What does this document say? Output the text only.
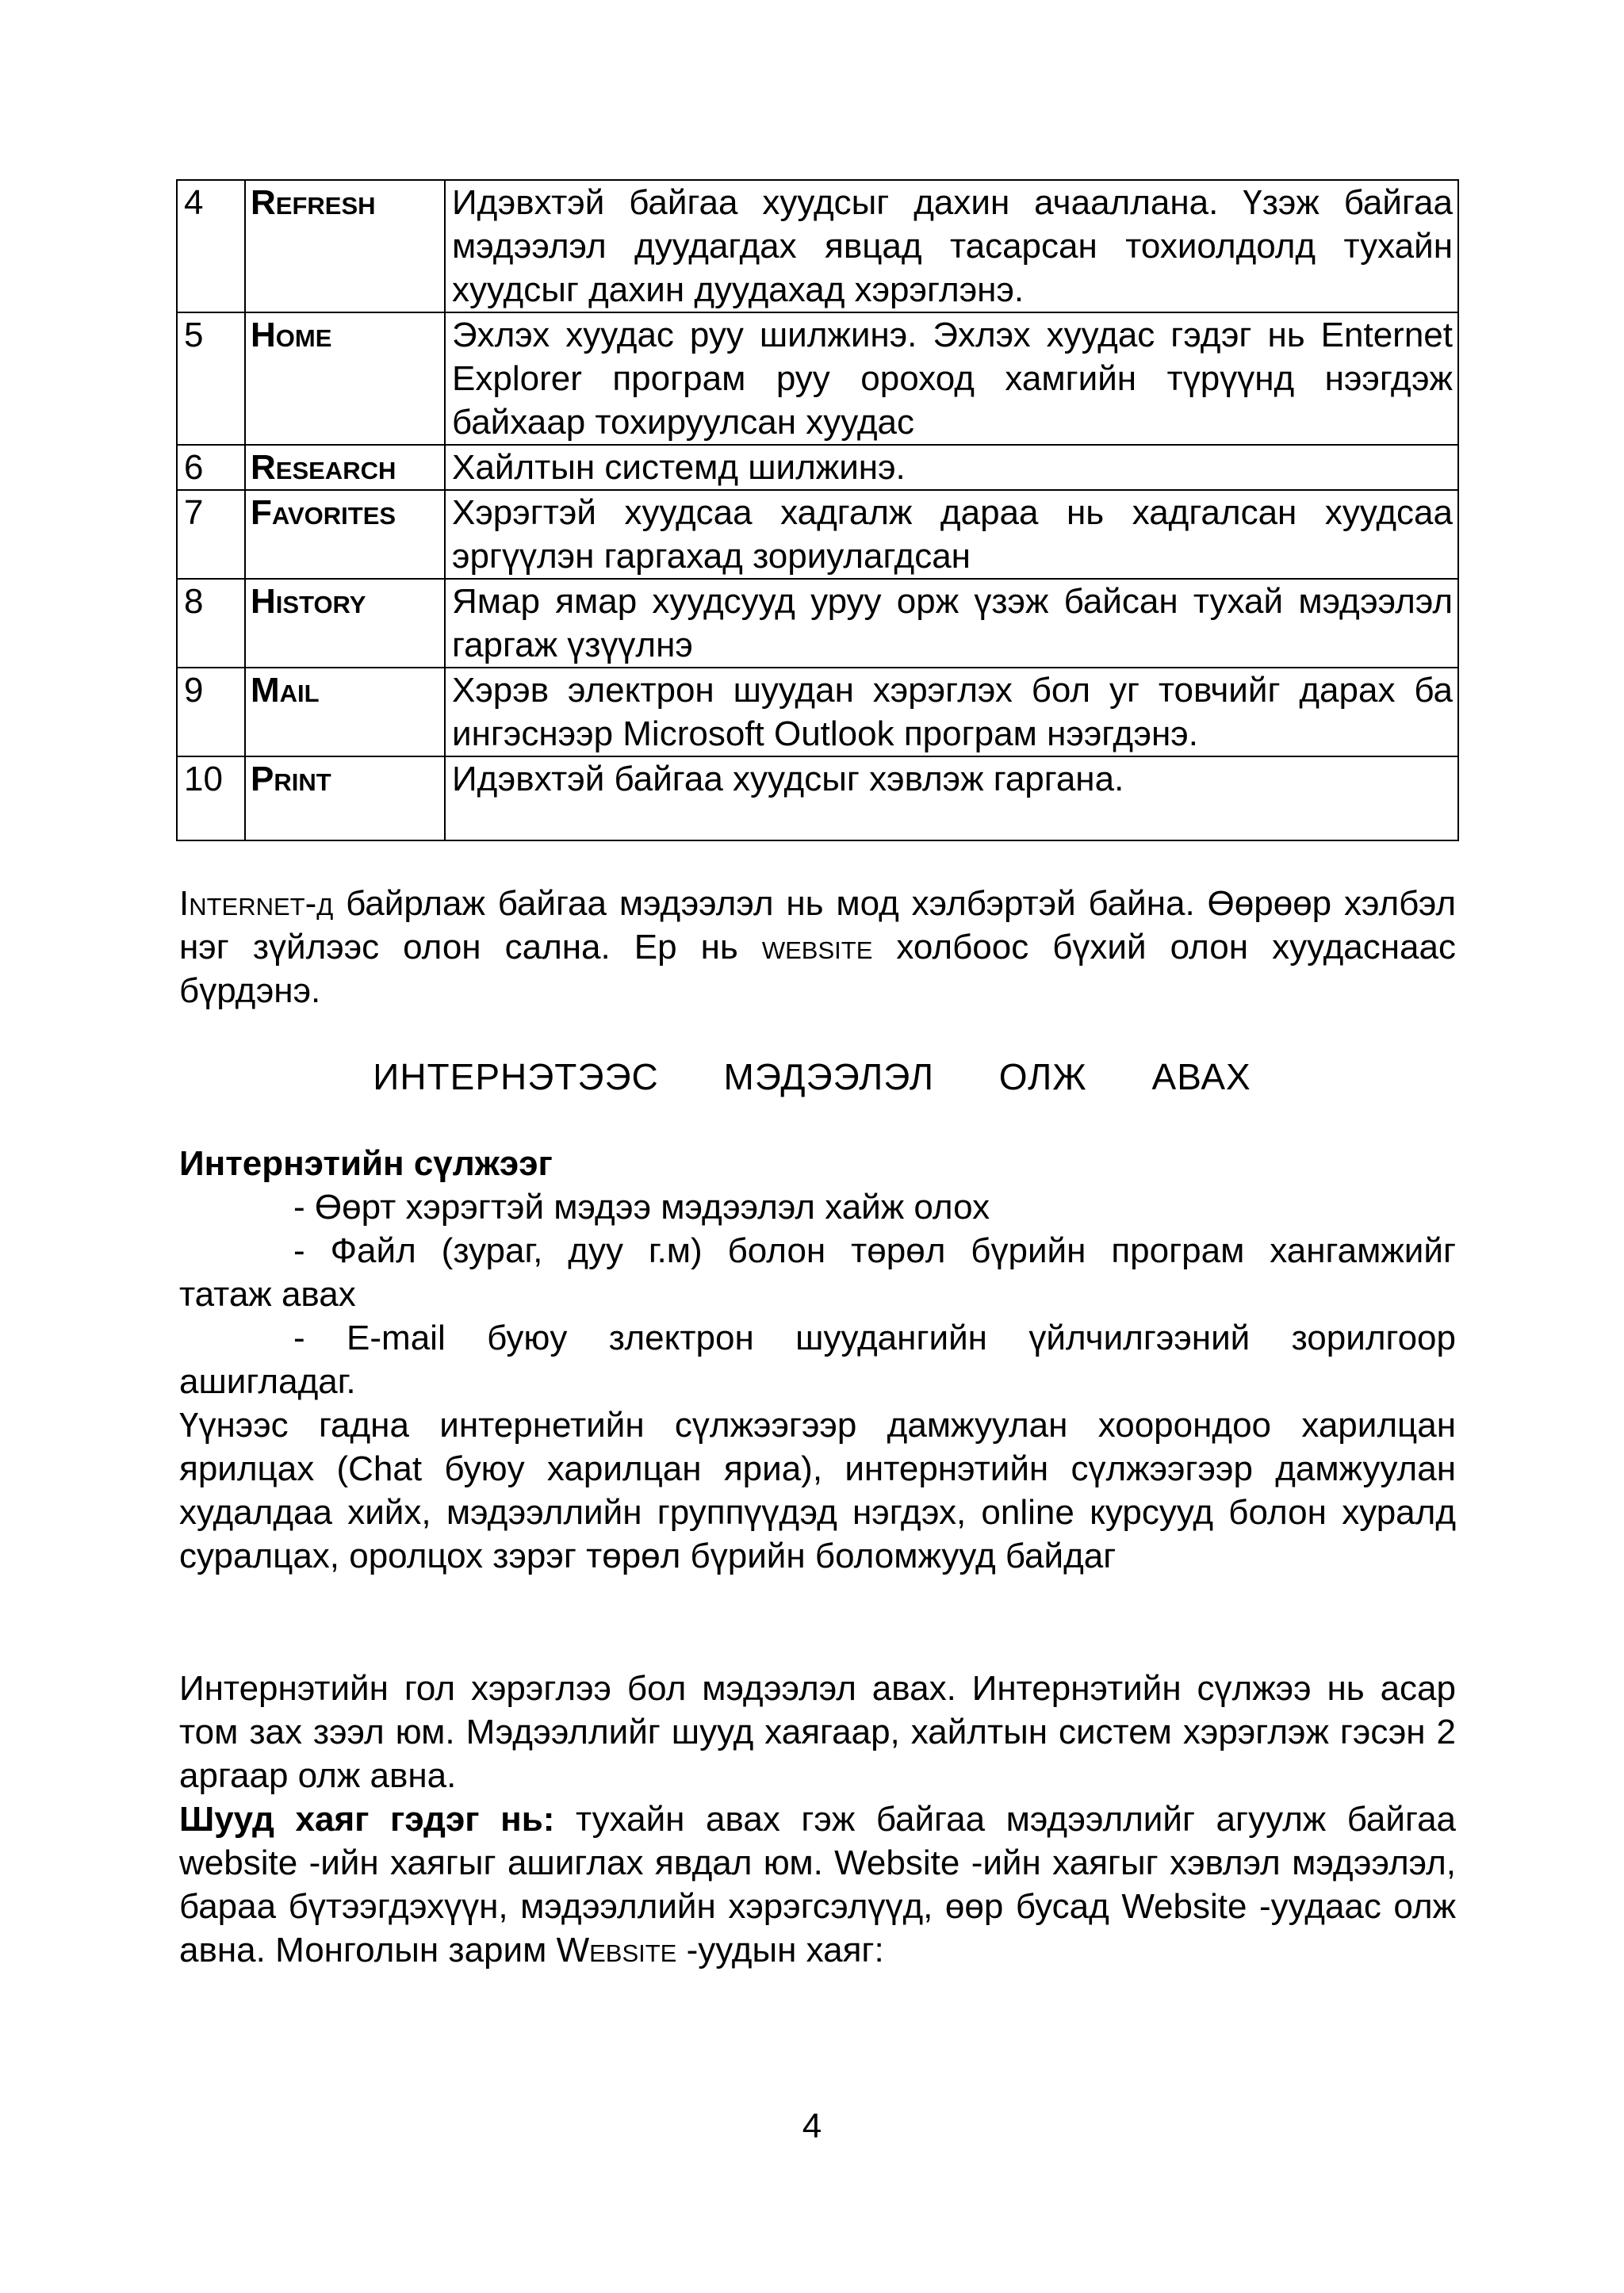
4	Refresh	Идэвхтэй байгаа хуудсыг дахин ачааллана. Үзэж байгаа мэдээлэл дуудагдах явцад тасарсан тохиолдолд тухайн хуудсыг дахин дуудахад хэрэглэнэ.
5	Home	Эхлэх хуудас руу шилжинэ. Эхлэх хуудас гэдэг нь Enternet Explorer програм руу ороход хамгийн түрүүнд нээгдэж байхаар тохируулсан хуудас
6	Research	Хайлтын системд шилжинэ.
7	Favorites	Хэрэгтэй хуудсаа хадгалж дараа нь хадгалсан хуудсаа эргүүлэн гаргахад зориулагдсан
8	History	Ямар ямар хуудсууд уруу орж үзэж байсан тухай мэдээлэл гаргаж үзүүлнэ
9	Mail	Хэрэв электрон шуудан хэрэглэх бол уг товчийг дарах ба ингэснээр Microsoft Outlook програм нээгдэнэ.
10	Print	Идэвхтэй байгаа хуудсыг хэвлэж гаргана.

Internet-д байрлаж байгаа мэдээлэл нь мод хэлбэртэй байна. Өөрөөр хэлбэл нэг зүйлээс олон сална. Ер нь website холбоос бүхий олон хуудаснаас бүрдэнэ.

ИНТЕРНЭТЭЭС МЭДЭЭЛЭЛ ОЛЖ АВАХ

Интернэтийн сүлжээг
- Өөрт хэрэгтэй мэдээ мэдээлэл хайж олох
- Файл (зураг, дуу г.м) болон төрөл бүрийн програм хангамжийг
татаж авах
- E-mail буюу злектрон шуудангийн үйлчилгээний зорилгоор
ашигладаг.
Үүнээс гадна интернетийн сүлжээгээр дамжуулан хоорондоо харилцан ярилцах (Chat буюу харилцан яриа), интернэтийн сүлжээгээр дамжуулан худалдаа хийх, мэдээллийн группүүдэд нэгдэх, online курсууд болон хуралд суралцах, оролцох зэрэг төрөл бүрийн боломжууд байдаг

Интернэтийн гол хэрэглээ бол мэдээлэл авах. Интернэтийн сүлжээ нь асар том зах зээл юм. Мэдээллийг шууд хаягаар, хайлтын систем хэрэглэж гэсэн 2 аргаар олж авна.

Шууд хаяг гэдэг нь: тухайн авах гэж байгаа мэдээллийг агуулж байгаа website -ийн хаягыг ашиглах явдал юм. Website -ийн хаягыг хэвлэл мэдээлэл, бараа бүтээгдэхүүн, мэдээллийн хэрэгсэлүүд, өөр бусад Website -уудаас олж авна. Монголын зарим Website -уудын хаяг:

4
